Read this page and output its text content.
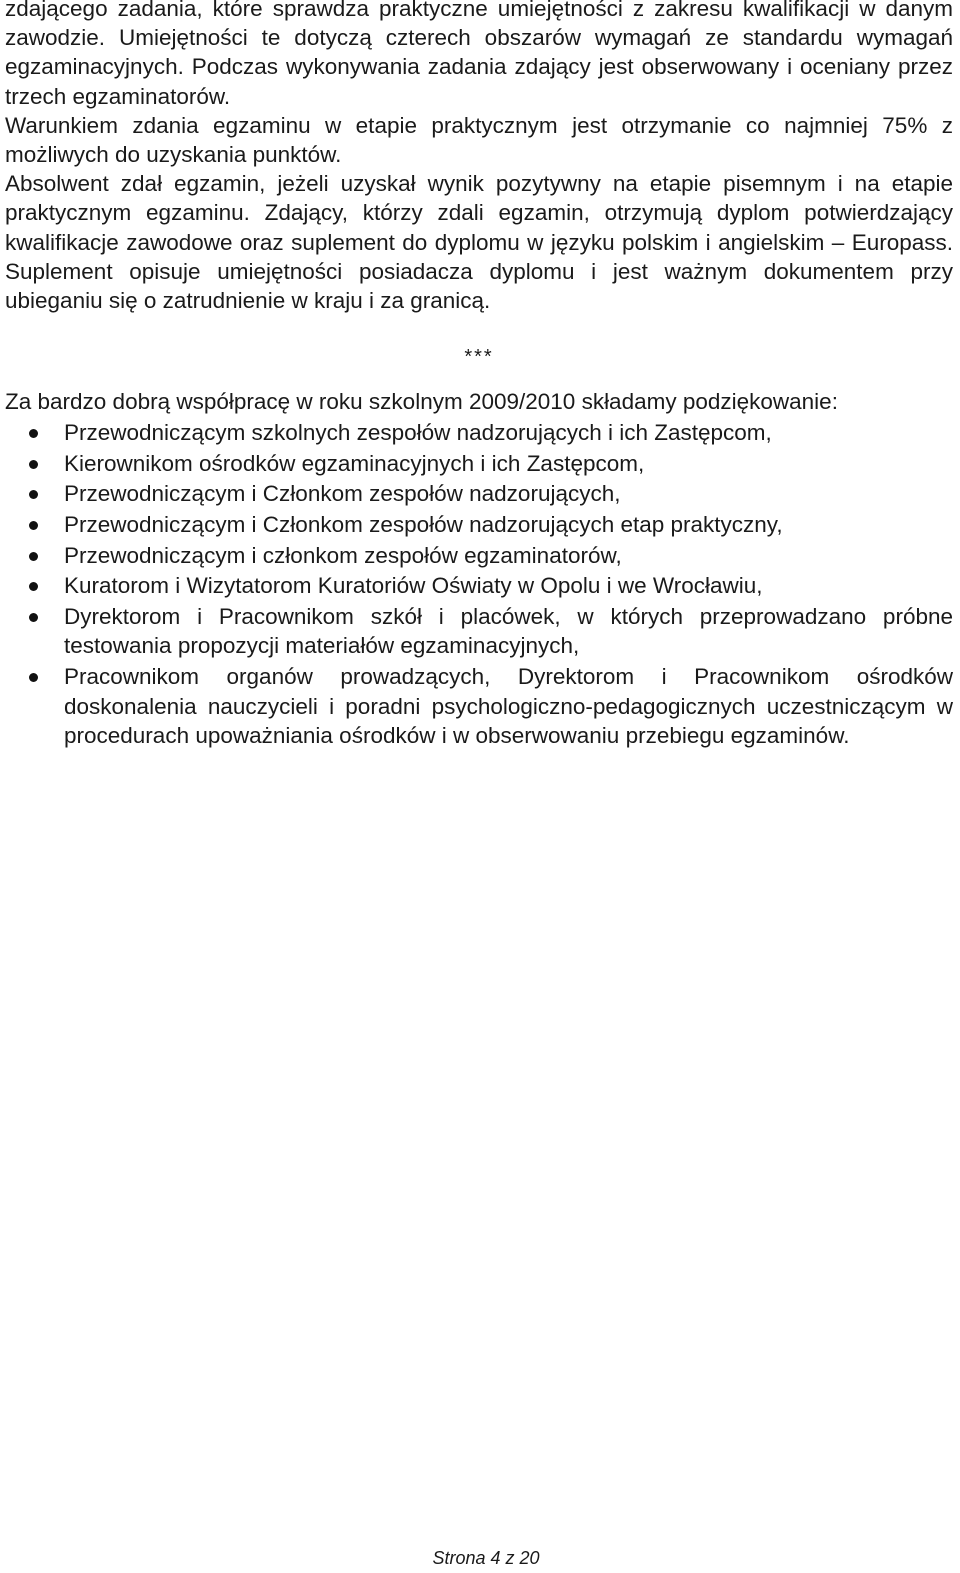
zdającego zadania, które sprawdza praktyczne umiejętności z zakresu kwalifikacji w danym zawodzie. Umiejętności te dotyczą czterech obszarów wymagań ze standardu wymagań egzaminacyjnych. Podczas wykonywania zadania zdający jest obserwowany i oceniany przez trzech egzaminatorów.

Warunkiem zdania egzaminu w etapie praktycznym jest otrzymanie co najmniej 75% z możliwych do uzyskania punktów.

Absolwent zdał egzamin, jeżeli uzyskał wynik pozytywny na etapie pisemnym i na etapie praktycznym egzaminu. Zdający, którzy zdali egzamin, otrzymują dyplom potwierdzający kwalifikacje zawodowe oraz suplement do dyplomu w języku polskim i angielskim – Europass. Suplement opisuje umiejętności posiadacza dyplomu i jest ważnym dokumentem przy ubieganiu się o zatrudnienie w kraju i za granicą.

***

Za bardzo dobrą współpracę w roku szkolnym 2009/2010 składamy podziękowanie:

Przewodniczącym szkolnych zespołów nadzorujących i ich Zastępcom,
Kierownikom ośrodków egzaminacyjnych i ich Zastępcom,
Przewodniczącym i Członkom zespołów nadzorujących,
Przewodniczącym i Członkom zespołów nadzorujących etap praktyczny,
Przewodniczącym i członkom zespołów egzaminatorów,
Kuratorom i Wizytatorom Kuratoriów Oświaty w Opolu i we Wrocławiu,
Dyrektorom i Pracownikom szkół i placówek, w których przeprowadzano próbne testowania propozycji materiałów egzaminacyjnych,
Pracownikom organów prowadzących, Dyrektorom i Pracownikom ośrodków doskonalenia nauczycieli i poradni psychologiczno-pedagogicznych uczestniczącym w procedurach upoważniania ośrodków i w obserwowaniu przebiegu egzaminów.
Strona 4 z 20
